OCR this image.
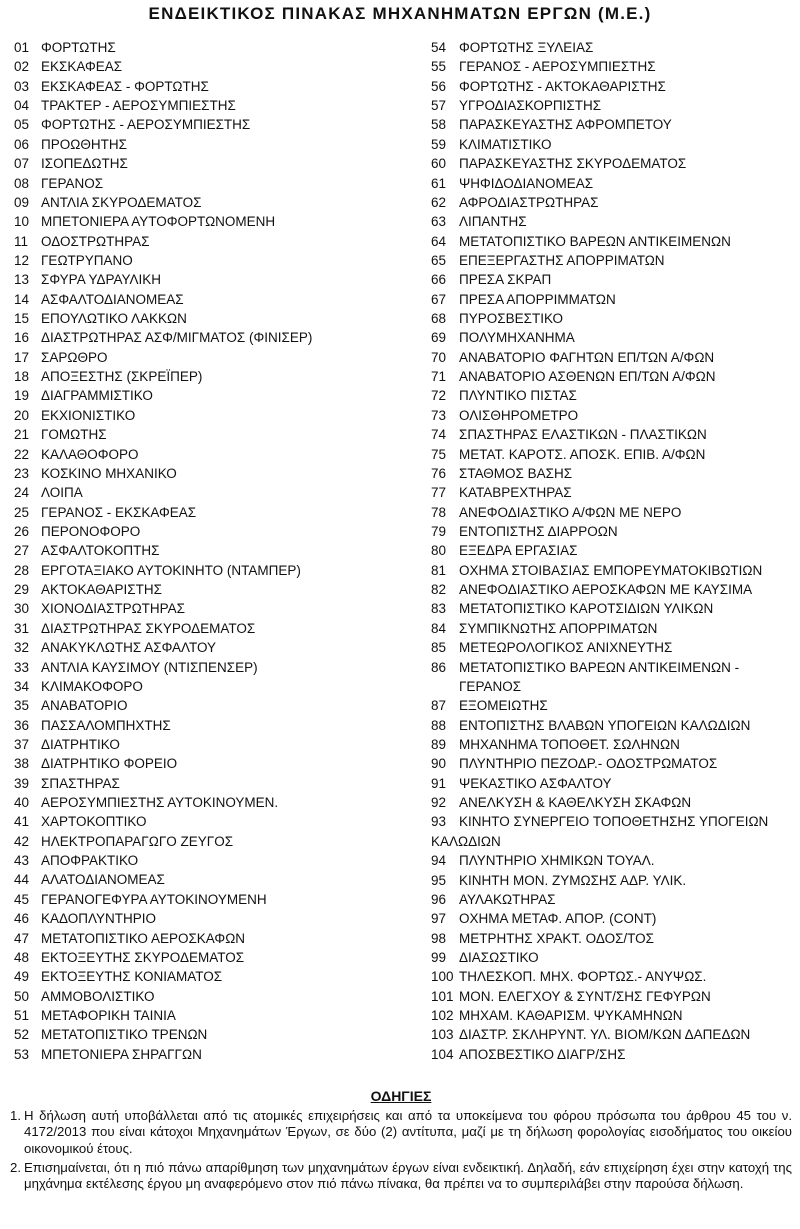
ΕΝΔΕΙΚΤΙΚΟΣ ΠΙΝΑΚΑΣ ΜΗΧΑΝΗΜΑΤΩΝ ΕΡΓΩΝ (Μ.Ε.)
01 ΦΟΡΤΩΤΗΣ
02 ΕΚΣΚΑΦΕΑΣ
03 ΕΚΣΚΑΦΕΑΣ - ΦΟΡΤΩΤΗΣ
04 ΤΡΑΚΤΕΡ - ΑΕΡΟΣΥΜΠΙΕΣΤΗΣ
05 ΦΟΡΤΩΤΗΣ - ΑΕΡΟΣΥΜΠΙΕΣΤΗΣ
06 ΠΡΟΩΘΗΤΗΣ
07 ΙΣΟΠΕΔΩΤΗΣ
08 ΓΕΡΑΝΟΣ
09 ΑΝΤΛΙΑ ΣΚΥΡΟΔΕΜΑΤΟΣ
10 ΜΠΕΤΟΝΙΕΡΑ ΑΥΤΟΦΟΡΤΩΝΟΜΕΝΗ
11 ΟΔΟΣΤΡΩΤΗΡΑΣ
12 ΓΕΩΤΡΥΠΑΝΟ
13 ΣΦΥΡΑ ΥΔΡΑΥΛΙΚΗ
14 ΑΣΦΑΛΤΟΔΙΑΝΟΜΕΑΣ
15 ΕΠΟΥΛΩΤΙΚΟ ΛΑΚΚΩΝ
16 ΔΙΑΣΤΡΩΤΗΡΑΣ ΑΣΦ/ΜΙΓΜΑΤΟΣ (ΦΙΝΙΣΕΡ)
17 ΣΑΡΩΘΡΟ
18 ΑΠΟΞΕΣΤΗΣ (ΣΚΡΕΪΠΕΡ)
19 ΔΙΑΓΡΑΜΜΙΣΤΙΚΟ
20 ΕΚΧΙΟΝΙΣΤΙΚΟ
21 ΓΟΜΩΤΗΣ
22 ΚΑΛΑΘΟΦΟΡΟ
23 ΚΟΣΚΙΝΟ ΜΗΧΑΝΙΚΟ
24 ΛΟΙΠΑ
25 ΓΕΡΑΝΟΣ - ΕΚΣΚΑΦΕΑΣ
26 ΠΕΡΟΝΟΦΟΡΟ
27 ΑΣΦΑΛΤΟΚΟΠΤΗΣ
28 ΕΡΓΟΤΑΞΙΑΚΟ ΑΥΤΟΚΙΝΗΤΟ (ΝΤΑΜΠΕΡ)
29 ΑΚΤΟΚΑΘΑΡΙΣΤΗΣ
30 ΧΙΟΝΟΔΙΑΣΤΡΩΤΗΡΑΣ
31 ΔΙΑΣΤΡΩΤΗΡΑΣ ΣΚΥΡΟΔΕΜΑΤΟΣ
32 ΑΝΑΚΥΚΛΩΤΗΣ ΑΣΦΑΛΤΟΥ
33 ΑΝΤΛΙΑ ΚΑΥΣΙΜΟΥ (ΝΤΙΣΠΕΝΣΕΡ)
34 ΚΛΙΜΑΚΟΦΟΡΟ
35 ΑΝΑΒΑΤΟΡΙΟ
36 ΠΑΣΣΑΛΟΜΠΗΧΤΗΣ
37 ΔΙΑΤΡΗΤΙΚΟ
38 ΔΙΑΤΡΗΤΙΚΟ ΦΟΡΕΙΟ
39 ΣΠΑΣΤΗΡΑΣ
40 ΑΕΡΟΣΥΜΠΙΕΣΤΗΣ ΑΥΤΟΚΙΝΟΥΜΕΝ.
41 ΧΑΡΤΟΚΟΠΤΙΚΟ
42 ΗΛΕΚΤΡΟΠΑΡΑΓΩΓΟ ΖΕΥΓΟΣ
43 ΑΠΟΦΡΑΚΤΙΚΟ
44 ΑΛΑΤΟΔΙΑΝΟΜΕΑΣ
45 ΓΕΡΑΝΟΓΕΦΥΡΑ ΑΥΤΟΚΙΝΟΥΜΕΝΗ
46 ΚΑΔΟΠΛΥΝΤΗΡΙΟ
47 ΜΕΤΑΤΟΠΙΣΤΙΚΟ ΑΕΡΟΣΚΑΦΩΝ
48 ΕΚΤΟΞΕΥΤΗΣ ΣΚΥΡΟΔΕΜΑΤΟΣ
49 ΕΚΤΟΞΕΥΤΗΣ ΚΟΝΙΑΜΑΤΟΣ
50 ΑΜΜΟΒΟΛΙΣΤΙΚΟ
51 ΜΕΤΑΦΟΡΙΚΗ ΤΑΙΝΙΑ
52 ΜΕΤΑΤΟΠΙΣΤΙΚΟ ΤΡΕΝΩΝ
53 ΜΠΕΤΟΝΙΕΡΑ ΣΗΡΑΓΓΩΝ
54 ΦΟΡΤΩΤΗΣ ΞΥΛΕΙΑΣ
55 ΓΕΡΑΝΟΣ - ΑΕΡΟΣΥΜΠΙΕΣΤΗΣ
56 ΦΟΡΤΩΤΗΣ - ΑΚΤΟΚΑΘΑΡΙΣΤΗΣ
57 ΥΓΡΟΔΙΑΣΚΟΡΠΙΣΤΗΣ
58 ΠΑΡΑΣΚΕΥΑΣΤΗΣ ΑΦΡΟΜΠΕΤΟΥ
59 ΚΛΙΜΑΤΙΣΤΙΚΟ
60 ΠΑΡΑΣΚΕΥΑΣΤΗΣ ΣΚΥΡΟΔΕΜΑΤΟΣ
61 ΨΗΦΙΔΟΔΙΑΝΟΜΕΑΣ
62 ΑΦΡΟΔΙΑΣΤΡΩΤΗΡΑΣ
63 ΛΙΠΑΝΤΗΣ
64 ΜΕΤΑΤΟΠΙΣΤΙΚΟ ΒΑΡΕΩΝ ΑΝΤΙΚΕΙΜΕΝΩΝ
65 ΕΠΕΞΕΡΓΑΣΤΗΣ ΑΠΟΡΡΙΜΑΤΩΝ
66 ΠΡΕΣΑ ΣΚΡΑΠ
67 ΠΡΕΣΑ ΑΠΟΡΡΙΜΜΑΤΩΝ
68 ΠΥΡΟΣΒΕΣΤΙΚΟ
69 ΠΟΛΥΜΗΧΑΝΗΜΑ
70 ΑΝΑΒΑΤΟΡΙΟ ΦΑΓΗΤΩΝ ΕΠ/ΤΩΝ Α/ΦΩΝ
71 ΑΝΑΒΑΤΟΡΙΟ ΑΣΘΕΝΩΝ ΕΠ/ΤΩΝ Α/ΦΩΝ
72 ΠΛΥΝΤΙΚΟ ΠΙΣΤΑΣ
73 ΟΛΙΣΘΗΡΟΜΕΤΡΟ
74 ΣΠΑΣΤΗΡΑΣ ΕΛΑΣΤΙΚΩΝ - ΠΛΑΣΤΙΚΩΝ
75 ΜΕΤΑΤ. ΚΑΡΟΤΣ. ΑΠΟΣΚ. ΕΠΙΒ. Α/ΦΩΝ
76 ΣΤΑΘΜΟΣ ΒΑΣΗΣ
77 ΚΑΤΑΒΡΕΧΤΗΡΑΣ
78 ΑΝΕΦΟΔΙΑΣΤΙΚΟ Α/ΦΩΝ ΜΕ ΝΕΡΟ
79 ΕΝΤΟΠΙΣΤΗΣ ΔΙΑΡΡΟΩΝ
80 ΕΞΕΔΡΑ ΕΡΓΑΣΙΑΣ
81 ΟΧΗΜΑ ΣΤΟΙΒΑΣΙΑΣ ΕΜΠΟΡΕΥΜΑΤΟΚΙΒΩΤΙΩΝ
82 ΑΝΕΦΟΔΙΑΣΤΙΚΟ ΑΕΡΟΣΚΑΦΩΝ ΜΕ ΚΑΥΣΙΜΑ
83 ΜΕΤΑΤΟΠΙΣΤΙΚΟ ΚΑΡΟΤΣΙΔΙΩΝ ΥΛΙΚΩΝ
84 ΣΥΜΠΙΚΝΩΤΗΣ ΑΠΟΡΡΙΜΑΤΩΝ
85 ΜΕΤΕΩΡΟΛΟΓΙΚΟΣ ΑΝΙΧΝΕΥΤΗΣ
86 ΜΕΤΑΤΟΠΙΣΤΙΚΟ ΒΑΡΕΩΝ ΑΝΤΙΚΕΙΜΕΝΩΝ - ΓΕΡΑΝΟΣ
87 ΕΞΟΜΕΙΩΤΗΣ
88 ΕΝΤΟΠΙΣΤΗΣ ΒΛΑΒΩΝ ΥΠΟΓΕΙΩΝ ΚΑΛΩΔΙΩΝ
89 ΜΗΧΑΝΗΜΑ ΤΟΠΟΘΕΤ. ΣΩΛΗΝΩΝ
90 ΠΛΥΝΤΗΡΙΟ ΠΕΖΟΔΡ.- ΟΔΟΣΤΡΩΜΑΤΟΣ
91 ΨΕΚΑΣΤΙΚΟ ΑΣΦΑΛΤΟΥ
92 ΑΝΕΛΚΥΣΗ & ΚΑΘΕΛΚΥΣΗ ΣΚΑΦΩΝ
93 ΚΙΝΗΤΟ ΣΥΝΕΡΓΕΙΟ ΤΟΠΟΘΕΤΗΣΗΣ ΥΠΟΓΕΙΩΝ ΚΑΛΩΔΙΩΝ
94 ΠΛΥΝΤΗΡΙΟ ΧΗΜΙΚΩΝ ΤΟΥΑΛ.
95 ΚΙΝΗΤΗ ΜΟΝ. ΖΥΜΩΣΗΣ ΑΔΡ. ΥΛΙΚ.
96 ΑΥΛΑΚΩΤΗΡΑΣ
97 ΟΧΗΜΑ ΜΕΤΑΦ. ΑΠΟΡ. (CONT)
98 ΜΕΤΡΗΤΗΣ ΧΡΑΚΤ. ΟΔΟΣ/ΤΟΣ
99 ΔΙΑΣΩΣΤΙΚΟ
100 ΤΗΛΕΣΚΟΠ. ΜΗΧ. ΦΟΡΤΩΣ.- ΑΝΥΨΩΣ.
101 ΜΟΝ. ΕΛΕΓΧΟΥ & ΣΥΝΤ/ΣΗΣ ΓΕΦΥΡΩΝ
102 ΜΗΧΑΜ. ΚΑΘΑΡΙΣΜ. ΨΥΚΑΜΗΝΩΝ
103 ΔΙΑΣΤΡ. ΣΚΛΗΡΥΝΤ. ΥΛ. ΒΙΟΜ/ΚΩΝ ΔΑΠΕΔΩΝ
104 ΑΠΟΣΒΕΣΤΙΚΟ ΔΙΑΓΡ/ΣΗΣ
ΟΔΗΓΙΕΣ
1. Η δήλωση αυτή υποβάλλεται από τις ατομικές επιχειρήσεις και από τα υποκείμενα του φόρου πρόσωπα του άρθρου 45 του ν. 4172/2013 που είναι κάτοχοι Μηχανημάτων Έργων, σε δύο (2) αντίτυπα, μαζί με τη δήλωση φορολογίας εισοδήματος του οικείου οικονομικού έτους.
2. Επισημαίνεται, ότι η πιό πάνω απαρίθμηση των μηχανημάτων έργων είναι ενδεικτική. Δηλαδή, εάν επιχείρηση έχει στην κατοχή της μηχάνημα εκτέλεσης έργου μη αναφερόμενο στον πιό πάνω πίνακα, θα πρέπει να το συμπεριλάβει στην παρούσα δήλωση.
